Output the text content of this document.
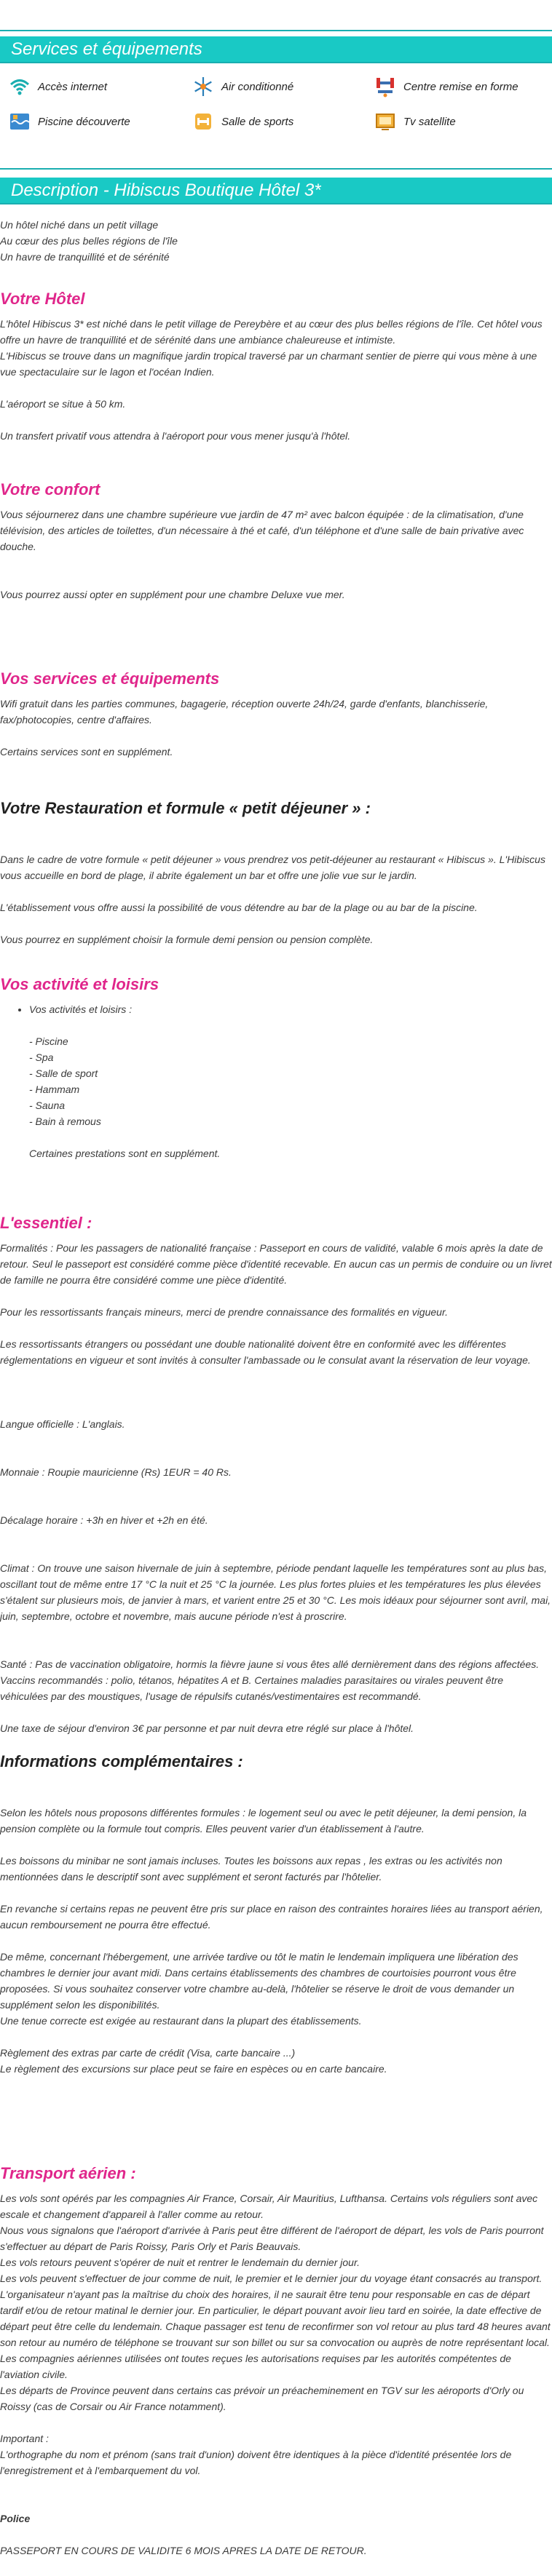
Services et équipements
Accès internet	Air conditionné	Centre remise en forme
Piscine découverte	Salle de sports	Tv satellite
Description - Hibiscus Boutique Hôtel 3*

Un hôtel niché dans un petit village

Au cœur des plus belles régions de l'île

Un havre de tranquillité et de sérénité

Votre Hôtel

L'hôtel Hibiscus 3* est niché dans le petit village de Pereybère et au cœur des plus belles régions de l'île. Cet hôtel vous offre un havre de tranquillité et de sérénité dans une ambiance chaleureuse et intimiste.

L'Hibiscus se trouve dans un magnifique jardin tropical traversé par un charmant sentier de pierre qui vous mène à une vue spectaculaire sur le lagon et l'océan Indien.

L'aéroport se situe à 50 km.

Un transfert privatif vous attendra à l'aéroport pour vous mener jusqu'à l'hôtel.

Votre confort

Vous séjournerez dans une chambre supérieure vue jardin de 47 m² avec balcon équipée : de la climatisation, d'une télévision, des articles de toilettes, d'un nécessaire à thé et café, d'un téléphone et d'une salle de bain privative avec douche.

Vous pourrez aussi opter en supplément pour une chambre Deluxe vue mer.

Vos services et équipements

Wifi gratuit dans les parties communes, bagagerie, réception ouverte 24h/24, garde d'enfants, blanchisserie, fax/photocopies, centre d'affaires.

Certains services sont en supplément.

Votre Restauration et formule « petit déjeuner » :

Dans le cadre de votre formule « petit déjeuner » vous prendrez vos petit-déjeuner au restaurant « Hibiscus ». L'Hibiscus vous accueille en bord de plage, il abrite également un bar et offre une jolie vue sur le jardin.

L'établissement vous offre aussi la possibilité de vous détendre au bar de la plage ou au bar de la piscine.

Vous pourrez en supplément choisir la formule demi pension ou pension complète.

Vos activité et loisirs
• Vos activités et loisirs :

- Piscine

- Spa

- Salle de sport

- Hammam

- Sauna

- Bain à remous

Certaines prestations sont en supplément.

L'essentiel :

Formalités : Pour les passagers de nationalité française : Passeport en cours de validité, valable 6 mois après la date de retour. Seul le passeport est considéré comme pièce d'identité recevable. En aucun cas un permis de conduire ou un livret de famille ne pourra être considéré comme une pièce d'identité.

Pour les ressortissants français mineurs, merci de prendre connaissance des formalités en vigueur.

Les ressortissants étrangers ou possédant une double nationalité doivent être en conformité avec les différentes réglementations en vigueur et sont invités à consulter l'ambassade ou le consulat avant la réservation de leur voyage.

Langue officielle : L'anglais.

Monnaie : Roupie mauricienne (Rs) 1EUR = 40 Rs.

Décalage horaire : +3h en hiver et +2h en été.

Climat : On trouve une saison hivernale de juin à septembre, période pendant laquelle les températures sont au plus bas, oscillant tout de même entre 17 °C la nuit et 25 °C la journée. Les plus fortes pluies et les températures les plus élevées s'étalent sur plusieurs mois, de janvier à mars, et varient entre 25 et 30 °C. Les mois idéaux pour séjourner sont avril, mai, juin, septembre, octobre et novembre, mais aucune période n'est à proscrire.

Santé : Pas de vaccination obligatoire, hormis la fièvre jaune si vous êtes allé dernièrement dans des régions affectées. Vaccins recommandés : polio, tétanos, hépatites A et B. Certaines maladies parasitaires ou virales peuvent être véhiculées par des moustiques, l'usage de répulsifs cutanés/vestimentaires est recommandé.

Une taxe de séjour d'environ 3€ par personne et par nuit devra etre réglé sur place à l'hôtel.

Informations complémentaires :

Selon les hôtels nous proposons différentes formules : le logement seul ou avec le petit déjeuner, la demi pension, la pension complète ou la formule tout compris. Elles peuvent varier d'un établissement à l'autre.

Les boissons du minibar ne sont jamais incluses. Toutes les boissons aux repas , les extras ou les activités non mentionnées dans le descriptif sont avec supplément et seront facturés par l'hôtelier.

En revanche si certains repas ne peuvent être pris sur place en raison des contraintes horaires liées au transport aérien, aucun remboursement ne pourra être effectué.

De même, concernant l'hébergement, une arrivée tardive ou tôt le matin le lendemain impliquera une libération des chambres le dernier jour avant midi. Dans certains établissements des chambres de courtoisies pourront vous être proposées. Si vous souhaitez conserver votre chambre au-delà, l'hôtelier se réserve le droit de vous demander un supplément selon les disponibilités.

Une tenue correcte est exigée au restaurant dans la plupart des établissements.

Règlement des extras par carte de crédit (Visa, carte bancaire ...)

Le règlement des excursions sur place peut se faire en espèces ou en carte bancaire.

Transport aérien :

Les vols sont opérés par les compagnies Air France, Corsair, Air Mauritius, Lufthansa. Certains vols réguliers sont avec escale et changement d'appareil à l'aller comme au retour.

Nous vous signalons que l'aéroport d'arrivée à Paris peut être différent de l'aéroport de départ, les vols de Paris pourront s'effectuer au départ de Paris Roissy, Paris Orly et Paris Beauvais.

Les vols retours peuvent s'opérer de nuit et rentrer le lendemain du dernier jour.

Les vols peuvent s'effectuer de jour comme de nuit, le premier et le dernier jour du voyage étant consacrés au transport. L'organisateur n'ayant pas la maîtrise du choix des horaires, il ne saurait être tenu pour responsable en cas de départ tardif et/ou de retour matinal le dernier jour. En particulier, le départ pouvant avoir lieu tard en soirée, la date effective de départ peut être celle du lendemain. Chaque passager est tenu de reconfirmer son vol retour au plus tard 48 heures avant son retour au numéro de téléphone se trouvant sur son billet ou sur sa convocation ou auprès de notre représentant local.

Les compagnies aériennes utilisées ont toutes reçues les autorisations requises par les autorités compétentes de l'aviation civile.

Les départs de Province peuvent dans certains cas prévoir un préacheminement en TGV sur les aéroports d'Orly ou Roissy (cas de Corsair ou Air France notamment).

Important :

L'orthographe du nom et prénom (sans trait d'union) doivent être identiques à la pièce d'identité présentée lors de l'enregistrement et à l'embarquement du vol.

Police

PASSEPORT EN COURS DE VALIDITE 6 MOIS APRES LA DATE DE RETOUR.
